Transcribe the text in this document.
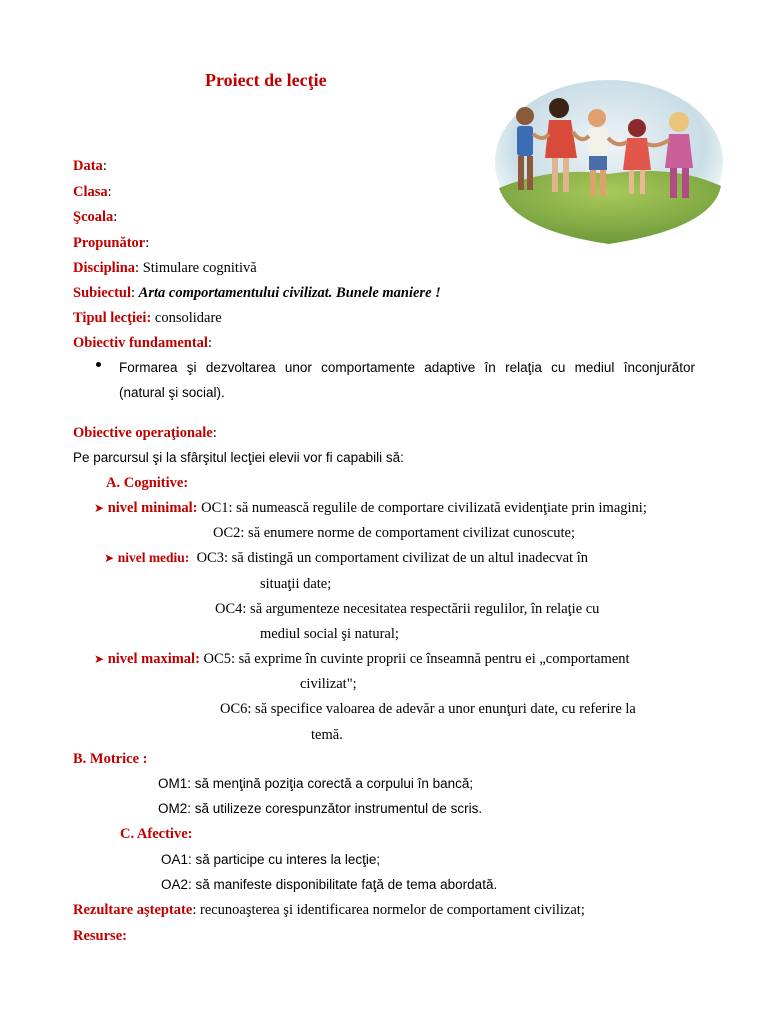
Proiect de lecţie
Data:
Clasa:
Şcoala:
Propunător:
Disciplina: Stimulare cognitivă
Subiectul: Arta comportamentului civilizat. Bunele maniere !
Tipul lecţiei: consolidare
Obiectiv fundamental:
Formarea şi dezvoltarea unor comportamente adaptive în relaţia cu mediul înconjurător
(natural şi social).
Obiective operaţionale:
Pe parcursul şi la sfârşitul lecţiei elevii vor fi capabili să:
A. Cognitive:
➤ nivel minimal: OC1: să numească regulile de comportare civilizată evidenţiate prin imagini;
OC2: să enumere norme de comportament civilizat cunoscute;
➤ nivel mediu: OC3: să distingă un comportament civilizat de un altul inadecvat în
situaţii date;
OC4: să argumenteze necesitatea respectării regulilor, în relaţie cu
mediul social şi natural;
➤ nivel maximal: OC5: să exprime în cuvinte proprii ce înseamnă pentru ei „comportament
civilizat";
OC6: să specifice valoarea de adevăr a unor enunţuri date, cu referire la
temă.
B. Motrice :
OM1: să menţină poziţia corectă a corpului în bancă;
OM2: să utilizeze corespunzător instrumentul de scris.
C. Afective:
OA1: să participe cu interes la lecţie;
OA2: să manifeste disponibilitate faţă de tema abordată.
Rezultare aşteptate: recunoaşterea şi identificarea normelor de comportament civilizat;
Resurse:
